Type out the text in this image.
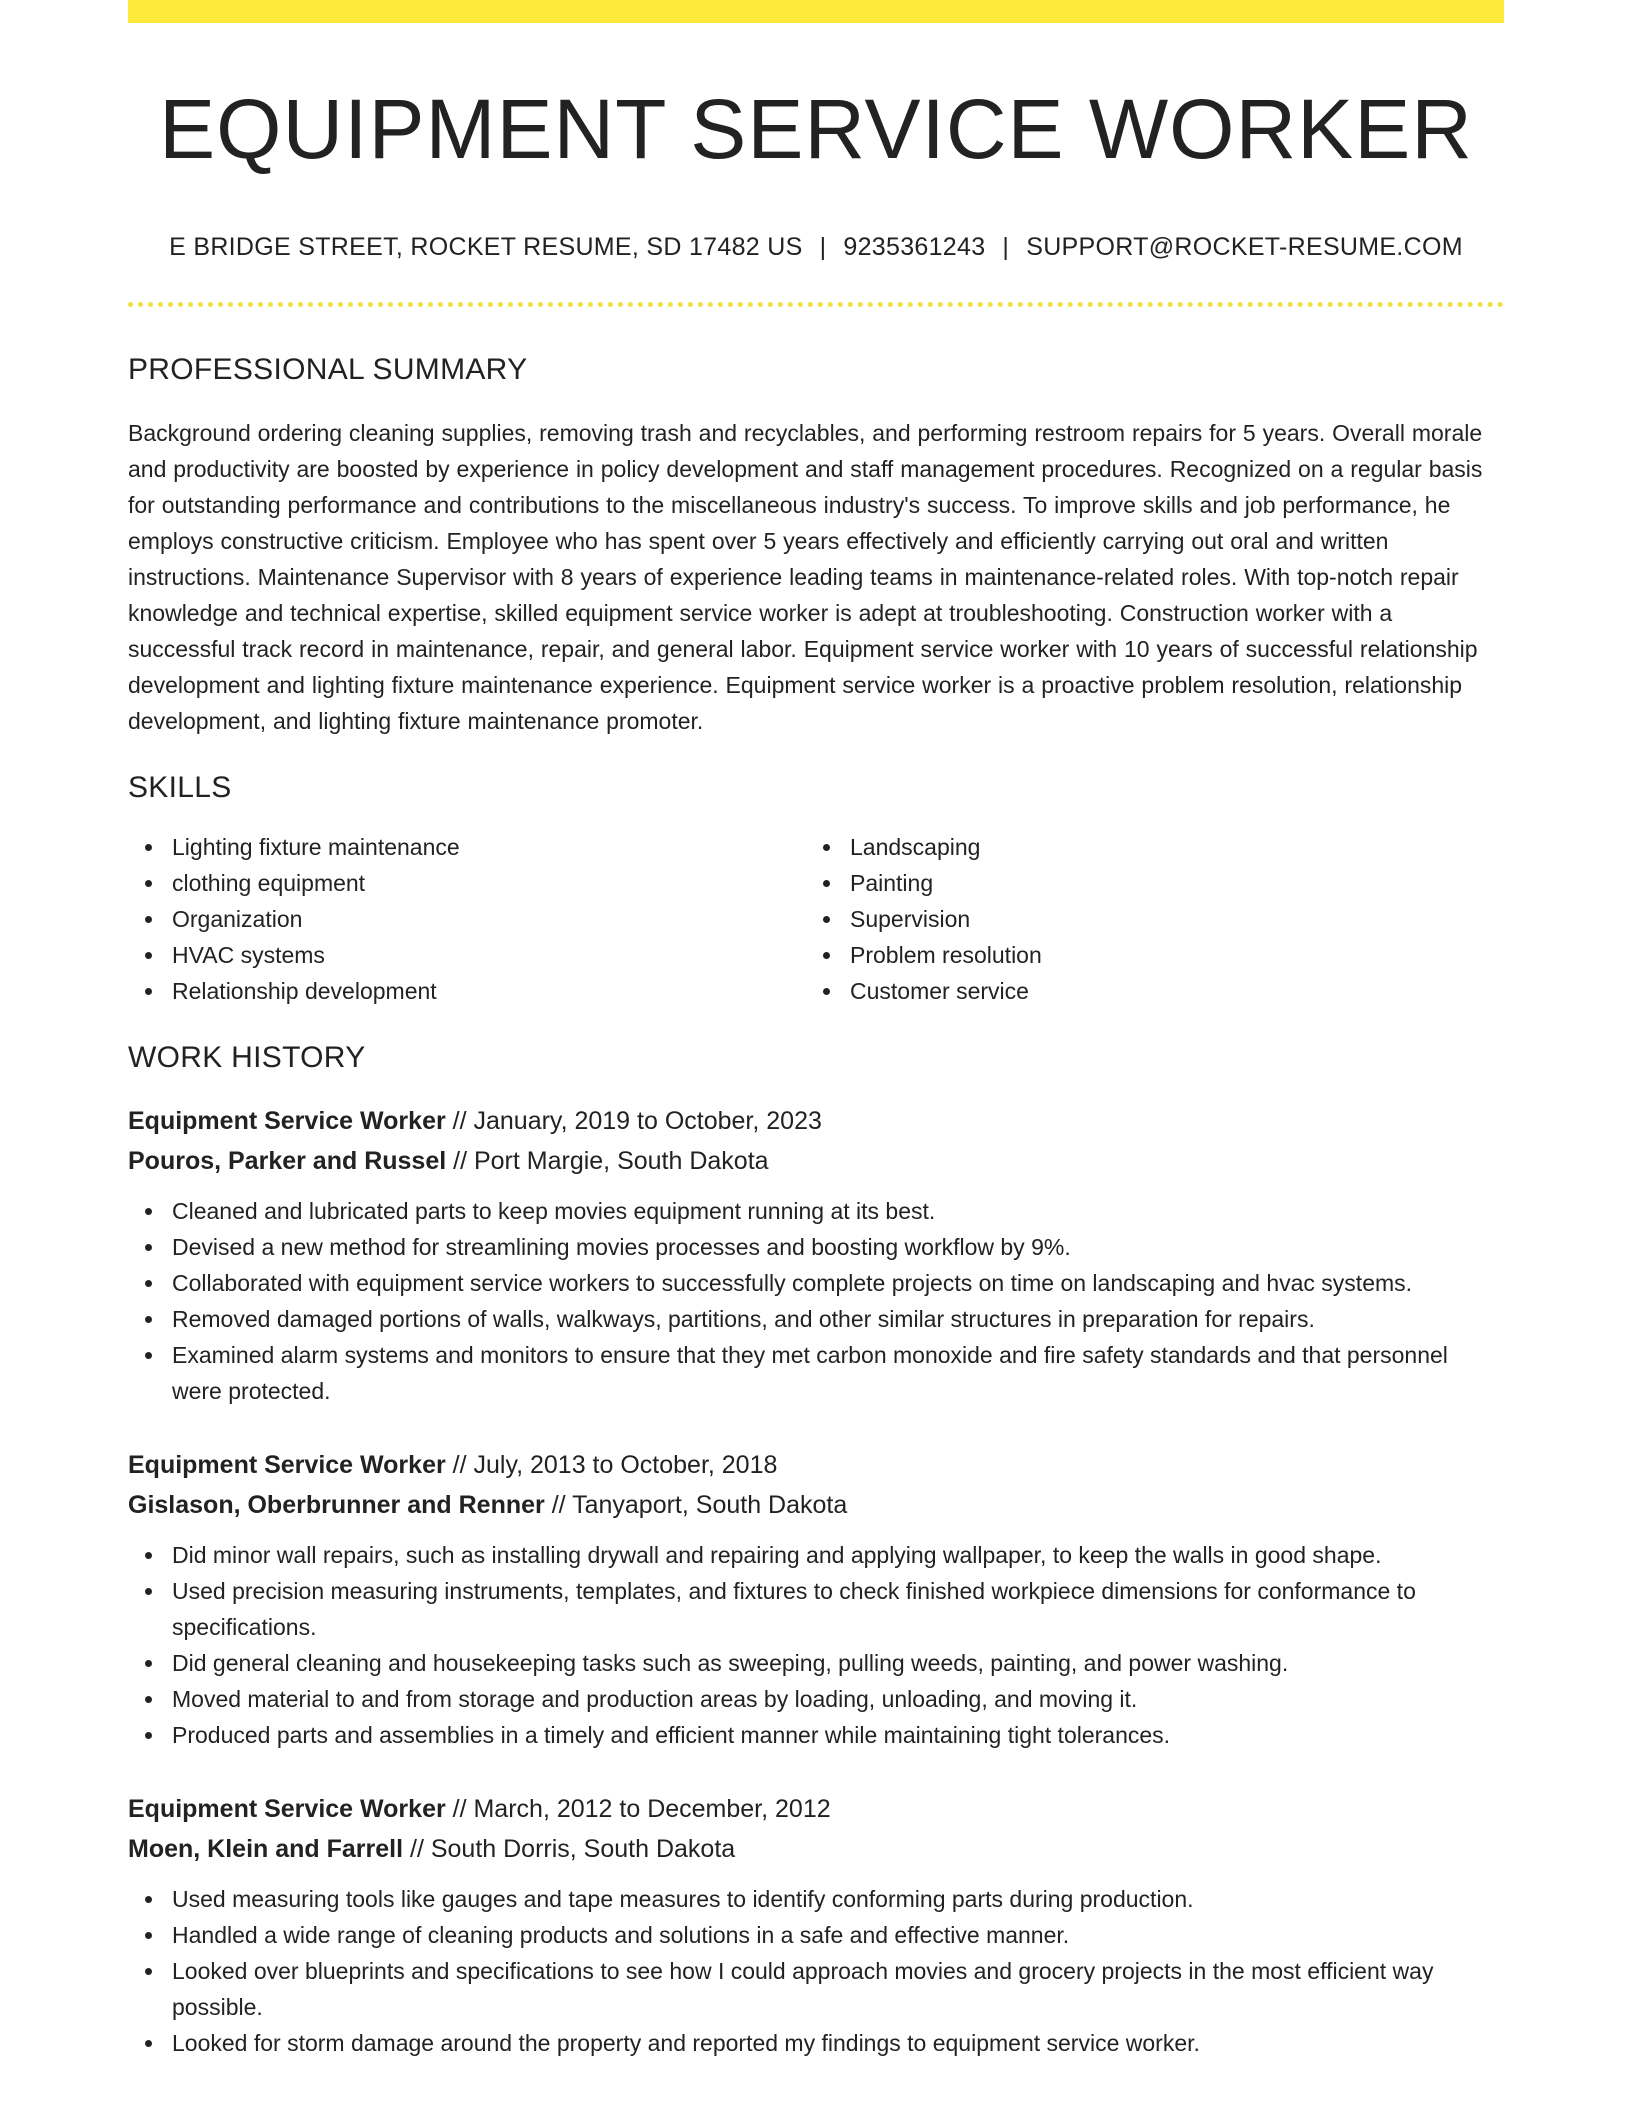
EQUIPMENT SERVICE WORKER
E BRIDGE STREET, ROCKET RESUME, SD 17482 US | 9235361243 | SUPPORT@ROCKET-RESUME.COM
PROFESSIONAL SUMMARY

Background ordering cleaning supplies, removing trash and recyclables, and performing restroom repairs for 5 years. Overall morale and productivity are boosted by experience in policy development and staff management procedures. Recognized on a regular basis for outstanding performance and contributions to the miscellaneous industry's success. To improve skills and job performance, he employs constructive criticism. Employee who has spent over 5 years effectively and efficiently carrying out oral and written instructions. Maintenance Supervisor with 8 years of experience leading teams in maintenance-related roles. With top-notch repair knowledge and technical expertise, skilled equipment service worker is adept at troubleshooting. Construction worker with a successful track record in maintenance, repair, and general labor. Equipment service worker with 10 years of successful relationship development and lighting fixture maintenance experience. Equipment service worker is a proactive problem resolution, relationship development, and lighting fixture maintenance promoter.

SKILLS
Lighting fixture maintenance
clothing equipment
Organization
HVAC systems
Relationship development
Landscaping
Painting
Supervision
Problem resolution
Customer service
WORK HISTORY
Equipment Service Worker // January, 2019 to October, 2023
Pouros, Parker and Russel // Port Margie, South Dakota
Cleaned and lubricated parts to keep movies equipment running at its best.
Devised a new method for streamlining movies processes and boosting workflow by 9%.
Collaborated with equipment service workers to successfully complete projects on time on landscaping and hvac systems.
Removed damaged portions of walls, walkways, partitions, and other similar structures in preparation for repairs.
Examined alarm systems and monitors to ensure that they met carbon monoxide and fire safety standards and that personnel were protected.
Equipment Service Worker // July, 2013 to October, 2018
Gislason, Oberbrunner and Renner // Tanyaport, South Dakota
Did minor wall repairs, such as installing drywall and repairing and applying wallpaper, to keep the walls in good shape.
Used precision measuring instruments, templates, and fixtures to check finished workpiece dimensions for conformance to specifications.
Did general cleaning and housekeeping tasks such as sweeping, pulling weeds, painting, and power washing.
Moved material to and from storage and production areas by loading, unloading, and moving it.
Produced parts and assemblies in a timely and efficient manner while maintaining tight tolerances.
Equipment Service Worker // March, 2012 to December, 2012
Moen, Klein and Farrell // South Dorris, South Dakota
Used measuring tools like gauges and tape measures to identify conforming parts during production.
Handled a wide range of cleaning products and solutions in a safe and effective manner.
Looked over blueprints and specifications to see how I could approach movies and grocery projects in the most efficient way possible.
Looked for storm damage around the property and reported my findings to equipment service worker.
